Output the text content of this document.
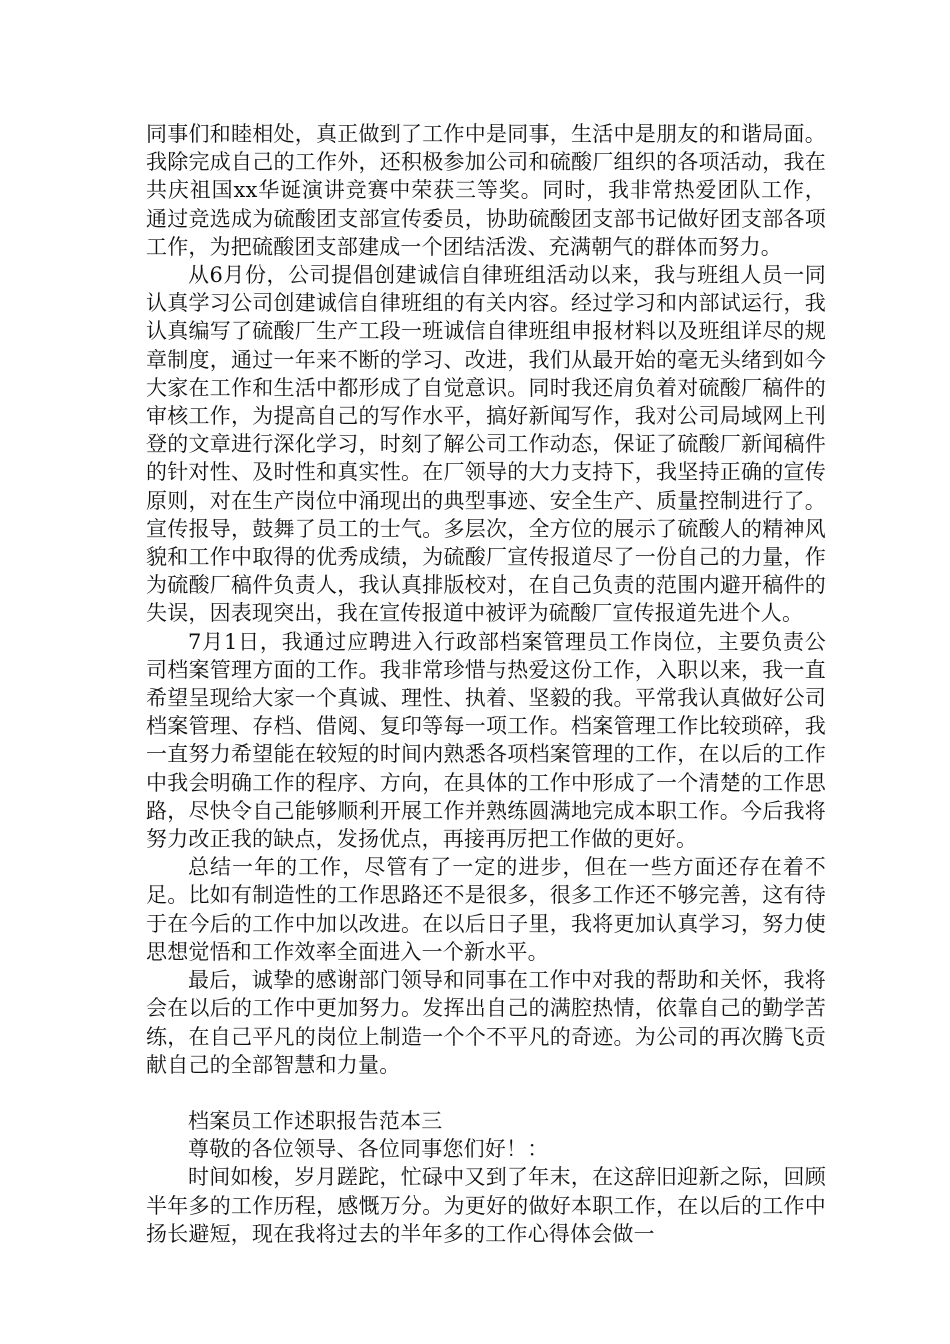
同事们和睦相处，真正做到了工作中是同事，生活中是朋友的和谐局面。我除完成自己的工作外，还积极参加公司和硫酸厂组织的各项活动，我在共庆祖国xx华诞演讲竞赛中荣获三等奖。同时，我非常热爱团队工作，通过竞选成为硫酸团支部宣传委员，协助硫酸团支部书记做好团支部各项工作，为把硫酸团支部建成一个团结活泼、充满朝气的群体而努力。

从6月份，公司提倡创建诚信自律班组活动以来，我与班组人员一同认真学习公司创建诚信自律班组的有关内容。经过学习和内部试运行，我认真编写了硫酸厂生产工段一班诚信自律班组申报材料以及班组详尽的规章制度，通过一年来不断的学习、改进，我们从最开始的毫无头绪到如今大家在工作和生活中都形成了自觉意识。同时我还肩负着对硫酸厂稿件的审核工作，为提高自己的写作水平，搞好新闻写作，我对公司局域网上刊登的文章进行深化学习，时刻了解公司工作动态，保证了硫酸厂新闻稿件的针对性、及时性和真实性。在厂领导的大力支持下，我坚持正确的宣传原则，对在生产岗位中涌现出的典型事迹、安全生产、质量控制进行了。宣传报导，鼓舞了员工的士气。多层次，全方位的展示了硫酸人的精神风貌和工作中取得的优秀成绩，为硫酸厂宣传报道尽了一份自己的力量，作为硫酸厂稿件负责人，我认真排版校对，在自己负责的范围内避开稿件的失误，因表现突出，我在宣传报道中被评为硫酸厂宣传报道先进个人。

7月1日，我通过应聘进入行政部档案管理员工作岗位，主要负责公司档案管理方面的工作。我非常珍惜与热爱这份工作，入职以来，我一直希望呈现给大家一个真诚、理性、执着、坚毅的我。平常我认真做好公司档案管理、存档、借阅、复印等每一项工作。档案管理工作比较琐碎，我一直努力希望能在较短的时间内熟悉各项档案管理的工作，在以后的工作中我会明确工作的程序、方向，在具体的工作中形成了一个清楚的工作思路，尽快令自己能够顺利开展工作并熟练圆满地完成本职工作。今后我将努力改正我的缺点，发扬优点，再接再厉把工作做的更好。

总结一年的工作，尽管有了一定的进步，但在一些方面还存在着不足。比如有制造性的工作思路还不是很多，很多工作还不够完善，这有待于在今后的工作中加以改进。在以后日子里，我将更加认真学习，努力使思想觉悟和工作效率全面进入一个新水平。

最后，诚挚的感谢部门领导和同事在工作中对我的帮助和关怀，我将会在以后的工作中更加努力。发挥出自己的满腔热情，依靠自己的勤学苦练，在自己平凡的岗位上制造一个个不平凡的奇迹。为公司的再次腾飞贡献自己的全部智慧和力量。

档案员工作述职报告范本三

尊敬的各位领导、各位同事您们好！：

时间如梭，岁月蹉跎，忙碌中又到了年末，在这辞旧迎新之际，回顾半年多的工作历程，感慨万分。为更好的做好本职工作，在以后的工作中扬长避短，现在我将过去的半年多的工作心得体会做一
